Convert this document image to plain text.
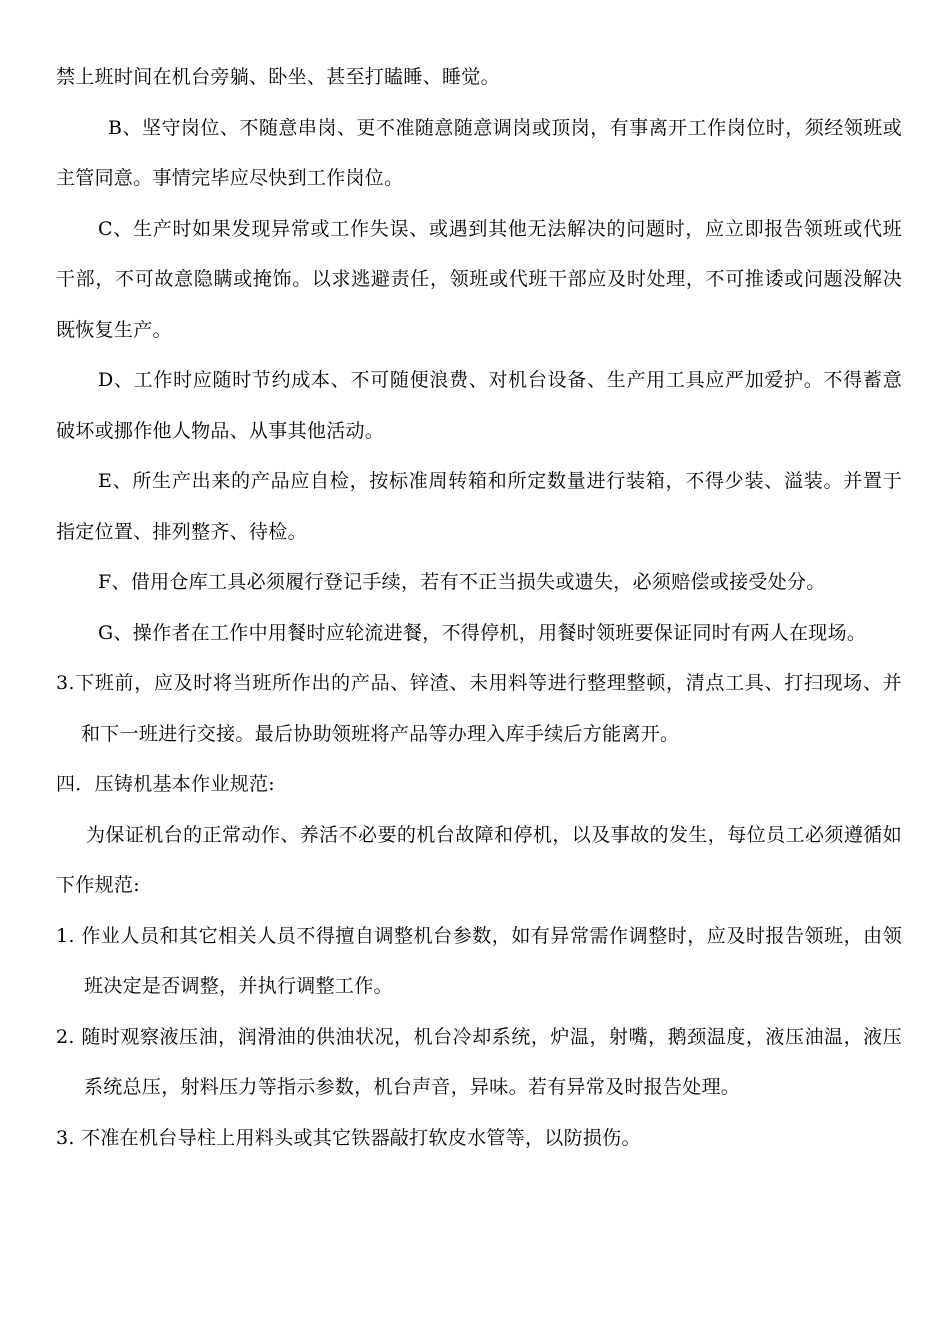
禁上班时间在机台旁躺、卧坐、甚至打瞌睡、睡觉。

B、坚守岗位、不随意串岗、更不准随意随意调岗或顶岗，有事离开工作岗位时，须经领班或主管同意。事情完毕应尽快到工作岗位。

C、生产时如果发现异常或工作失误、或遇到其他无法解决的问题时，应立即报告领班或代班干部，不可故意隐瞒或掩饰。以求逃避责任，领班或代班干部应及时处理，不可推诿或问题没解决既恢复生产。

D、工作时应随时节约成本、不可随便浪费、对机台设备、生产用工具应严加爱护。不得蓄意破坏或挪作他人物品、从事其他活动。

E、所生产出来的产品应自检，按标准周转箱和所定数量进行装箱，不得少装、溢装。并置于指定位置、排列整齐、待检。

F、借用仓库工具必须履行登记手续，若有不正当损失或遗失，必须赔偿或接受处分。

G、操作者在工作中用餐时应轮流进餐，不得停机，用餐时领班要保证同时有两人在现场。

3.下班前，应及时将当班所作出的产品、锌渣、未用料等进行整理整顿，清点工具、打扫现场、并和下一班进行交接。最后协助领班将产品等办理入库手续后方能离开。

四．压铸机基本作业规范:

为保证机台的正常动作、养活不必要的机台故障和停机，以及事故的发生，每位员工必须遵循如下作规范:

1. 作业人员和其它相关人员不得擅自调整机台参数，如有异常需作调整时，应及时报告领班，由领班决定是否调整，并执行调整工作。

2. 随时观察液压油，润滑油的供油状况，机台冷却系统，炉温，射嘴，鹅颈温度，液压油温，液压系统总压，射料压力等指示参数，机台声音，异味。若有异常及时报告处理。

3. 不准在机台导柱上用料头或其它铁器敲打软皮水管等，以防损伤。
